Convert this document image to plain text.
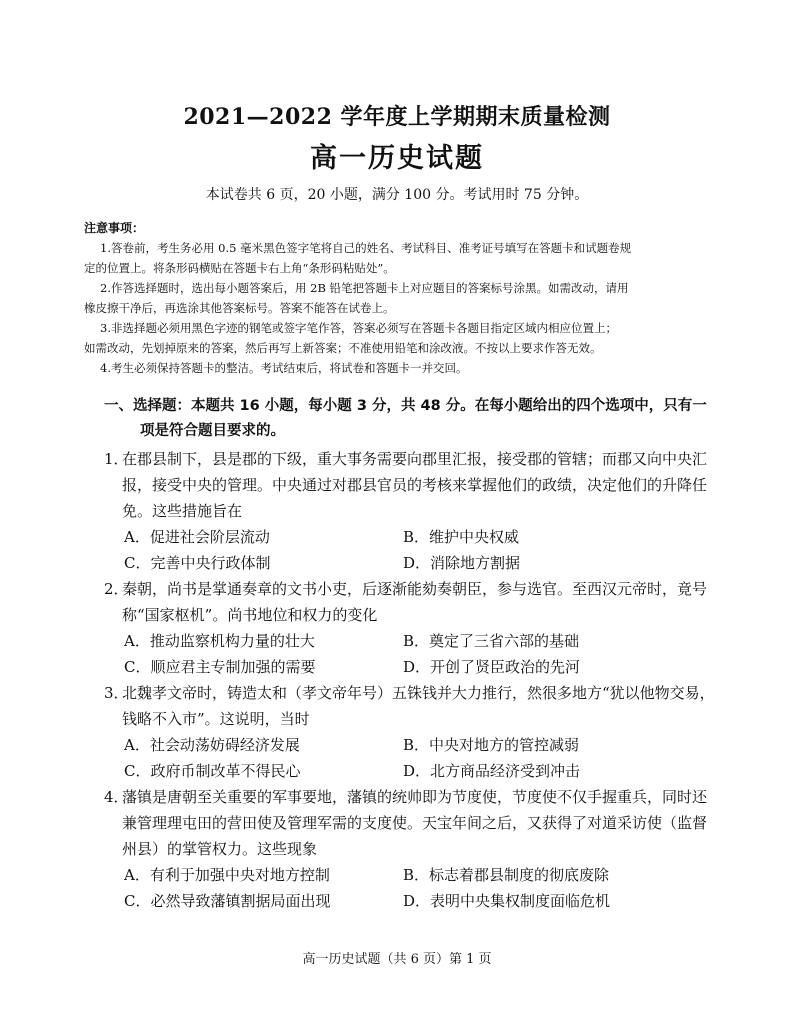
2021—2022 学年度上学期期末质量检测
高一历史试题
本试卷共 6 页，20 小题，满分 100 分。考试用时 75 分钟。
注意事项：
1.答卷前，考生务必用 0.5 毫米黑色签字笔将自己的姓名、考试科目、准考证号填写在答题卡和试题卷规
定的位置上。将条形码横贴在答题卡右上角“条形码粘贴处”。
2.作答选择题时，选出每小题答案后，用 2B 铅笔把答题卡上对应题目的答案标号涂黑。如需改动，请用
橡皮擦干净后，再选涂其他答案标号。答案不能答在试卷上。
3.非选择题必须用黑色字迹的钢笔或签字笔作答，答案必须写在答题卡各题目指定区域内相应位置上；
如需改动，先划掉原来的答案，然后再写上新答案；不准使用铅笔和涂改液。不按以上要求作答无效。
4.考生必须保持答题卡的整洁。考试结束后，将试卷和答题卡一并交回。
一、选择题：本题共 16 小题，每小题 3 分，共 48 分。在每小题给出的四个选项中，只有一
项是符合题目要求的。
1．
在郡县制下，县是郡的下级，重大事务需要向郡里汇报，接受郡的管辖；而郡又向中央汇
报，接受中央的管理。中央通过对郡县官员的考核来掌握他们的政绩，决定他们的升降任
免。这些措施旨在
A．促进社会阶层流动	B．维护中央权威
C．完善中央行政体制	D．消除地方割据
2．
秦朝，尚书是掌通奏章的文书小吏，后逐渐能劾奏朝臣，参与选官。至西汉元帝时，竟号
称“国家枢机”。尚书地位和权力的变化
A．推动监察机构力量的壮大	B．奠定了三省六部的基础
C．顺应君主专制加强的需要	D．开创了贤臣政治的先河
3．
北魏孝文帝时，铸造太和（孝文帝年号）五铢钱并大力推行，然很多地方“犹以他物交易，
钱略不入市”。这说明，当时
A．社会动荡妨碍经济发展	B．中央对地方的管控减弱
C．政府币制改革不得民心	D．北方商品经济受到冲击
4．
藩镇是唐朝至关重要的军事要地，藩镇的统帅即为节度使，节度使不仅手握重兵，同时还
兼管理理屯田的营田使及管理军需的支度使。天宝年间之后，又获得了对道采访使（监督
州县）的掌管权力。这些现象
A．有利于加强中央对地方控制	B．标志着郡县制度的彻底废除
C．必然导致藩镇割据局面出现	D．表明中央集权制度面临危机
高一历史试题（共 6 页）第 1 页
